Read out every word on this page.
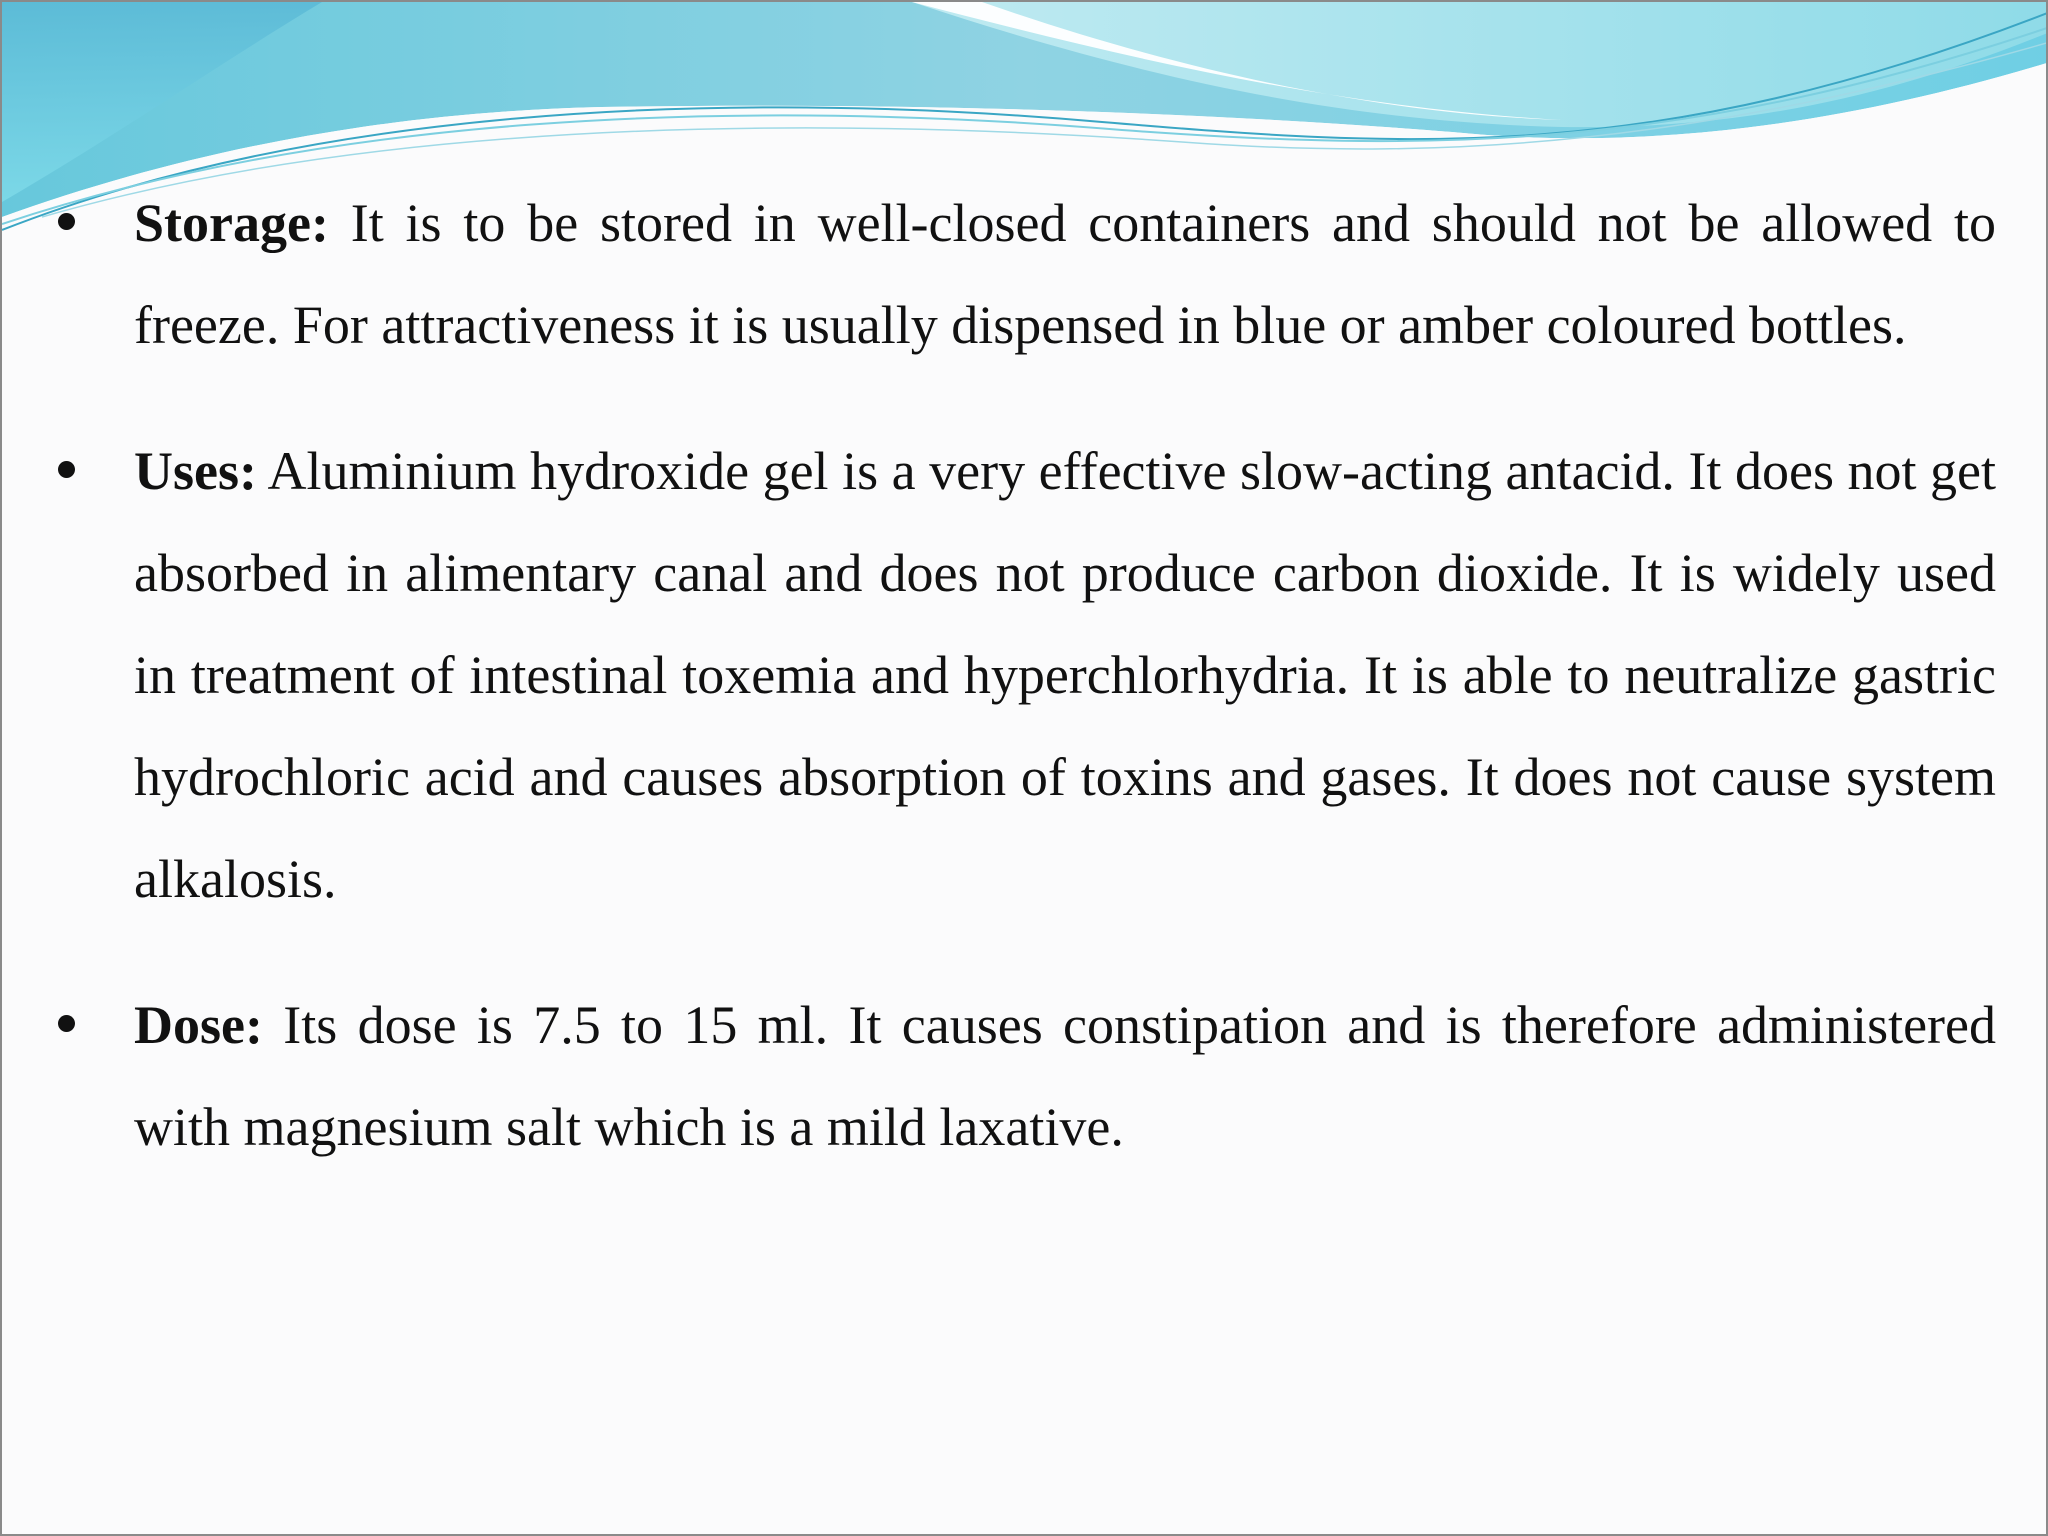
Storage: It is to be stored in well-closed containers and should not be allowed to freeze. For attractiveness it is usually dispensed in blue or amber coloured bottles.
Uses: Aluminium hydroxide gel is a very effective slow-acting antacid. It does not get absorbed in alimentary canal and does not produce carbon dioxide. It is widely used in treatment of intestinal toxemia and hyperchlorhydria. It is able to neutralize gastric hydrochloric acid and causes absorption of toxins and gases. It does not cause system alkalosis.
Dose: Its dose is 7.5 to 15 ml. It causes constipation and is therefore administered with magnesium salt which is a mild laxative.
